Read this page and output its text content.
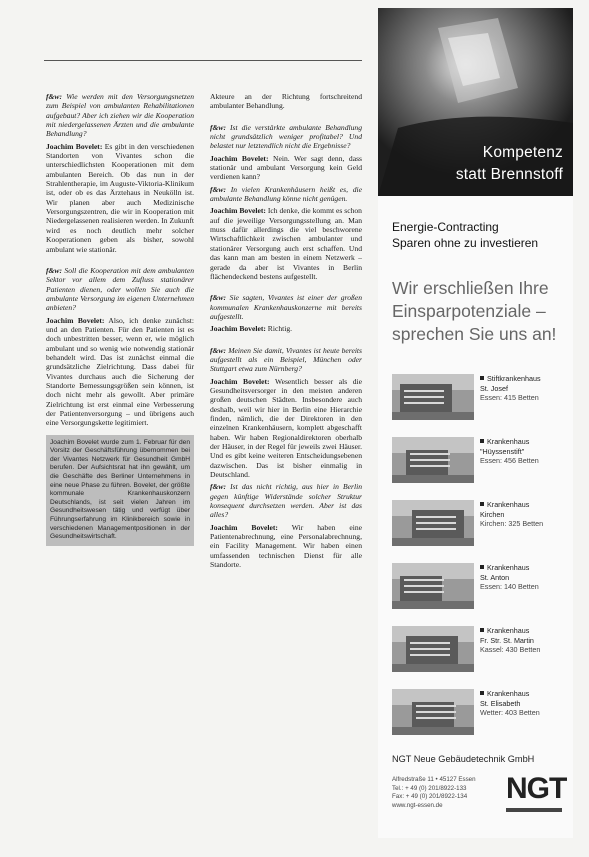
f&w: Wie werden mit den Versorgungsnetzen zum Beispiel von ambulanten Rehabilitationen aufgebaut? Aber ich ziehen wir die Kooperation mit niedergelassenen Ärzten und die ambulante Behandlung?

Joachim Bovelet: Es gibt in den verschiedenen Standorten von Vivantes schon die unterschiedlichsten Kooperationen mit dem ambulanten Bereich. Ob das nun in der Strahlentherapie, im Auguste-Viktoria-Klinikum ist, oder ob es das Ärztehaus in Neukölln ist. Wir planen aber auch Medizinische Versorgungszentren, die wir in Kooperation mit Niedergelassenen realisieren werden. In Zukunft wird es noch deutlich mehr solcher Kooperationen geben als bisher, sowohl ambulant wie stationär.

f&w: Soll die Kooperation mit dem ambulanten Sektor vor allem dem Zufluss stationärer Patienten dienen, oder wollen Sie auch die ambulante Versorgung im eigenen Unternehmen anbieten?

Joachim Bovelet: Also, ich denke zunächst: und an den Patienten. Für den Patienten ist es doch unbestritten besser, wenn er, wie möglich ambulant und so wenig wie notwendig stationär behandelt wird. Das ist zunächst einmal die grundsätzliche Zielrichtung. Dass dabei für Vivantes durchaus auch die Sicherung der Standorte Bemessungsgrößen sein können, ist doch nicht mehr als gewollt. Aber primäre Zielrichtung ist erst einmal eine Verbesserung der Patientenversorgung – und übrigens auch eine Versorgungskette legitimiert.

Joachim Bovelet wurde zum 1. Februar für den Vorsitz der Geschäftsführung übernommen bei der Vivantes Netzwerk für Gesundheit GmbH berufen. Der Aufsichtsrat hat ihn gewählt, um die Geschäfte des Berliner Unternehmens in eine neue Phase zu führen. Bovelet, der größte kommunale Krankenhauskonzern Deutschlands, ist seit vielen Jahren im Gesundheitswesen tätig und verfügt über Führungserfahrung im Klinikbereich sowie in verschiedenen Managementpositionen in der Gesundheitswirtschaft.

Akteure an der Richtung fortschreitend ambulanter Behandlung.

f&w: Ist die verstärkte ambulante Behandlung nicht grundsätzlich weniger profitabel? Und belastet nur letztendlich nicht die Ergebnisse?

Joachim Bovelet: Nein. Wer sagt denn, dass stationär und ambulant Versorgung kein Geld verdienen kann?

f&w: In vielen Krankenhäusern heißt es, die ambulante Behandlung könne nicht genügen.

Joachim Bovelet: Ich denke, die kommt es schon auf die jeweilige Versorgungsstellung an. Man muss dafür allerdings die viel beschworene Wirtschaftlichkeit zwischen ambulanter und stationärer Versorgung auch erst schaffen. Und das kann man am besten in einem Netzwerk – gerade da aber ist Vivantes in Berlin flächendeckend bestens aufgestellt.

f&w: Sie sagten, Vivantes ist einer der großen kommunalen Krankenhauskonzerne mit bereits aufgestellt.

Joachim Bovelet: Richtig.

f&w: Meinen Sie damit, Vivantes ist heute bereits aufgestellt als ein Beispiel, München oder Stuttgart etwa zum Nürnberg?

Joachim Bovelet: Wesentlich besser als die Gesundheitsversorger in den meisten anderen großen deutschen Städten. Insbesondere auch deshalb, weil wir hier in Berlin eine Hierarchie finden, nämlich, die der Direktoren in den einzelnen Krankenhäusern, komplett abgeschafft haben. Wir haben Regionaldirektoren oberhalb der Häuser, in der Regel für jeweils zwei Häuser. Und es gibt keine weiteren Entscheidungsebenen dazwischen. Das ist bisher einmalig in Deutschland.

f&w: Ist das nicht richtig, aus hier in Berlin gegen künftige Widerstände solcher Struktur konsequent durchsetzen werden. Aber ist das alles?

Joachim Bovelet: Wir haben eine Patientenabrechnung, eine Personalabrechnung, ein Facility Management. Wir haben einen umfassenden technischen Dienst für alle Standorte.

Kompetenz
statt Brennstoff
Energie-Contracting
Sparen ohne zu investieren
Wir erschließen Ihre
Einsparpotenziale –
sprechen Sie uns an!
Stiftkrankenhaus
St. Josef
Essen: 415 Betten
Krankenhaus
"Hüyssenstift"
Essen: 456 Betten
Krankenhaus
Kirchen
Kirchen: 325 Betten
Krankenhaus
St. Anton
Essen: 140 Betten
Krankenhaus
Fr. Str. St. Martin
Kassel: 430 Betten
Krankenhaus
St. Elisabeth
Wetter: 403 Betten
NGT Neue Gebäudetechnik GmbH
Alfredstraße 11 • 45127 Essen
Tel.: + 49 (0) 201/8922-133
Fax: + 49 (0) 201/8922-134
www.ngt-essen.de
NGT
